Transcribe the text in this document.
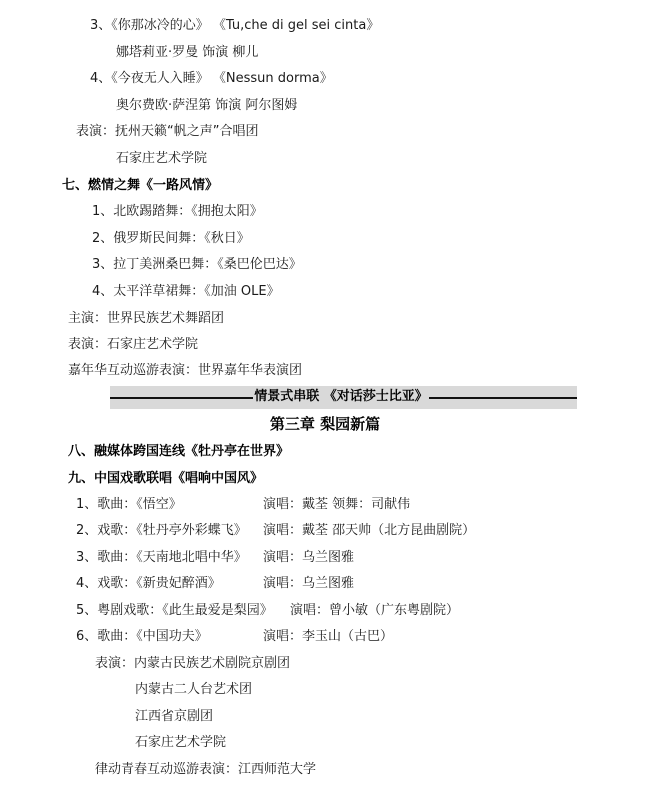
3、《你那冰冷的心》 《Tu,che di gel sei cinta》
娜塔莉亚·罗曼 饰演 柳儿
4、《今夜无人入睡》 《Nessun dorma》
奥尔费欧·萨涅第 饰演 阿尔图姆
表演：抚州天籁“帆之声”合唱团
石家庄艺术学院
七、燃情之舞《一路风情》
1、北欧踢踏舞：《拥抱太阳》
2、俄罗斯民间舞：《秋日》
3、拉丁美洲桑巴舞：《桑巴伦巴达》
4、太平洋草裙舞：《加油 OLE》
主演：世界民族艺术舞蹈团
表演：石家庄艺术学院
嘉年华互动巡游表演：世界嘉年华表演团
情景式串联 《对话莎士比亚》
第三章 梨园新篇
八、融媒体跨国连线《牡丹亭在世界》
九、中国戏歌联唱《唱响中国风》
1、歌曲：《悟空》	演唱：戴荃 领舞：司献伟
2、戏歌：《牡丹亭外彩蝶飞》 演唱：戴荃 邵天帅（北方昆曲剧院）
3、歌曲：《天南地北唱中华》 演唱：乌兰图雅
4、戏歌：《新贵妃醉酒》	演唱：乌兰图雅
5、粤剧戏歌：《此生最爱是梨园》 演唱：曾小敏（广东粤剧院）
6、歌曲：《中国功夫》	演唱：李玉山（古巴）
表演：内蒙古民族艺术剧院京剧团
内蒙古二人台艺术团
江西省京剧团
石家庄艺术学院
律动青春互动巡游表演：江西师范大学
